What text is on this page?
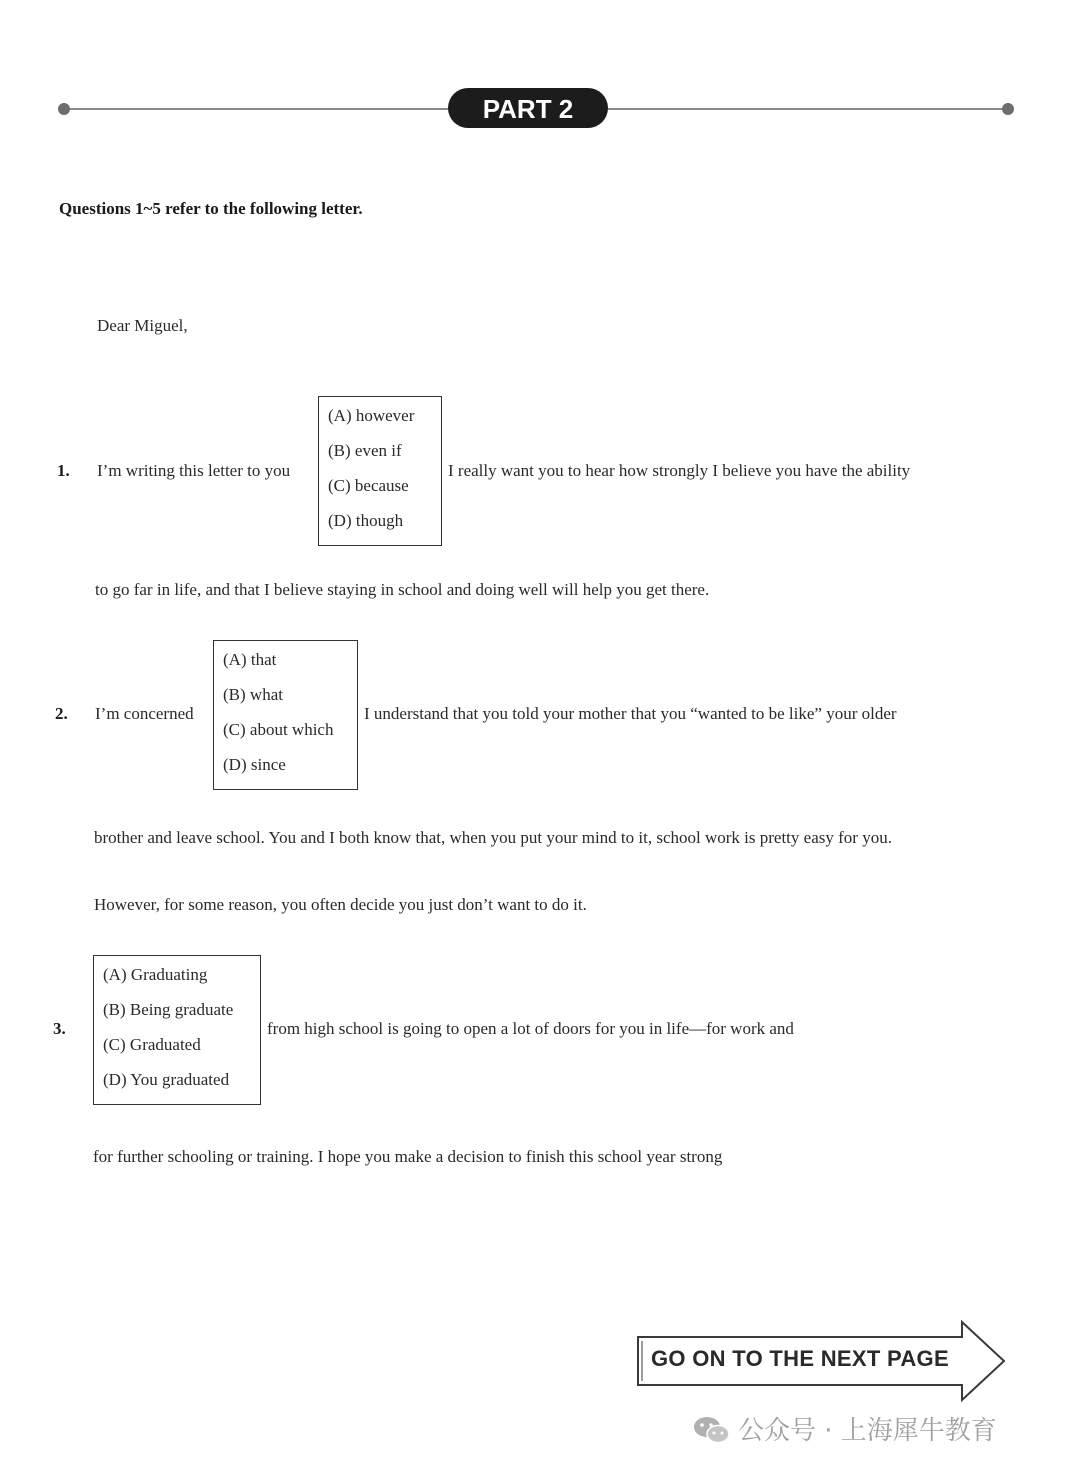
PART 2
Questions 1~5 refer to the following letter.
Dear Miguel,
1. I’m writing this letter to you
(A) however
(B) even if
(C) because
(D) though
I really want you to hear how strongly I believe you have the ability
to go far in life, and that I believe staying in school and doing well will help you get there.
2. I’m concerned
(A) that
(B) what
(C) about which
(D) since
I understand that you told your mother that you “wanted to be like” your older
brother and leave school. You and I both know that, when you put your mind to it, school work is pretty easy for you.
However, for some reason, you often decide you just don’t want to do it.
3.
(A) Graduating
(B) Being graduate
(C) Graduated
(D) You graduated
from high school is going to open a lot of doors for you in life—for work and
for further schooling or training. I hope you make a decision to finish this school year strong
GO ON TO THE NEXT PAGE
公众号 · 上海犀牛教育
